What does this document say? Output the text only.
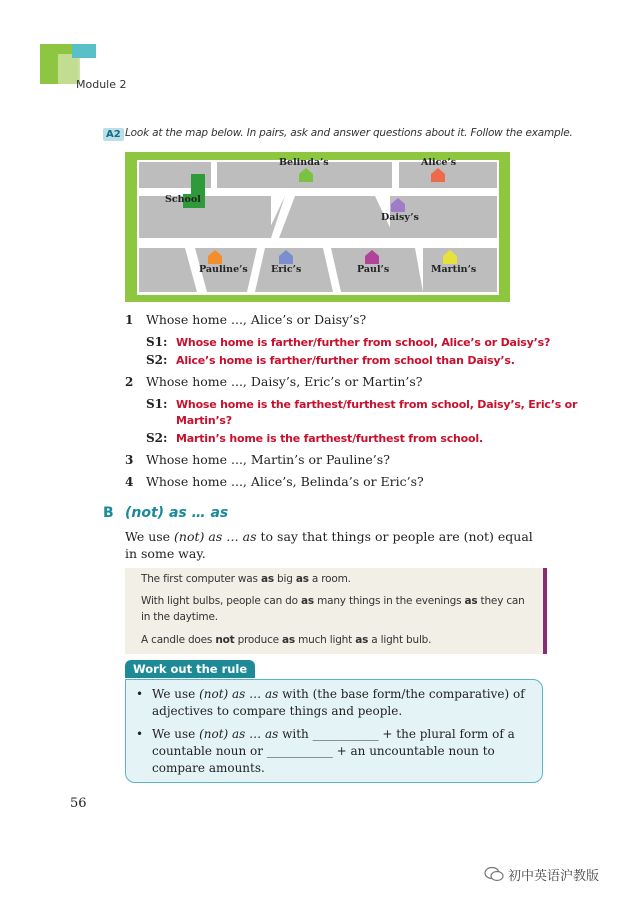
Module 2
A2 Look at the map below. In pairs, ask and answer questions about it. Follow the example.
Belinda’s	Alice’s
School
Daisy’s
Pauline’s Eric’s	Paul’s	Martin’s
1 Whose home ..., Alice’s or Daisy’s?
S1: Whose home is farther/further from school, Alice’s or Daisy’s?
S2: Alice’s home is farther/further from school than Daisy’s.
2 Whose home ..., Daisy’s, Eric’s or Martin’s?
S1: Whose home is the farthest/furthest from school, Daisy’s, Eric’s or
Martin’s?
S2: Martin’s home is the farthest/furthest from school.
3 Whose home ..., Martin’s or Pauline’s?
4 Whose home ..., Alice’s, Belinda’s or Eric’s?
B (not) as … as
We use (not) as … as to say that things or people are (not) equal in some way.
The first computer was as big as a room.
With light bulbs, people can do as many things in the evenings as they can
in the daytime.
A candle does not produce as much light as a light bulb.
Work out the rule
• We use (not) as … as with (the base form/the comparative) of adjectives to compare things and people.
• We use (not) as … as with ___________ + the plural form of a countable noun or ___________ + an uncountable noun to compare amounts.
56
初中英语沪教版
